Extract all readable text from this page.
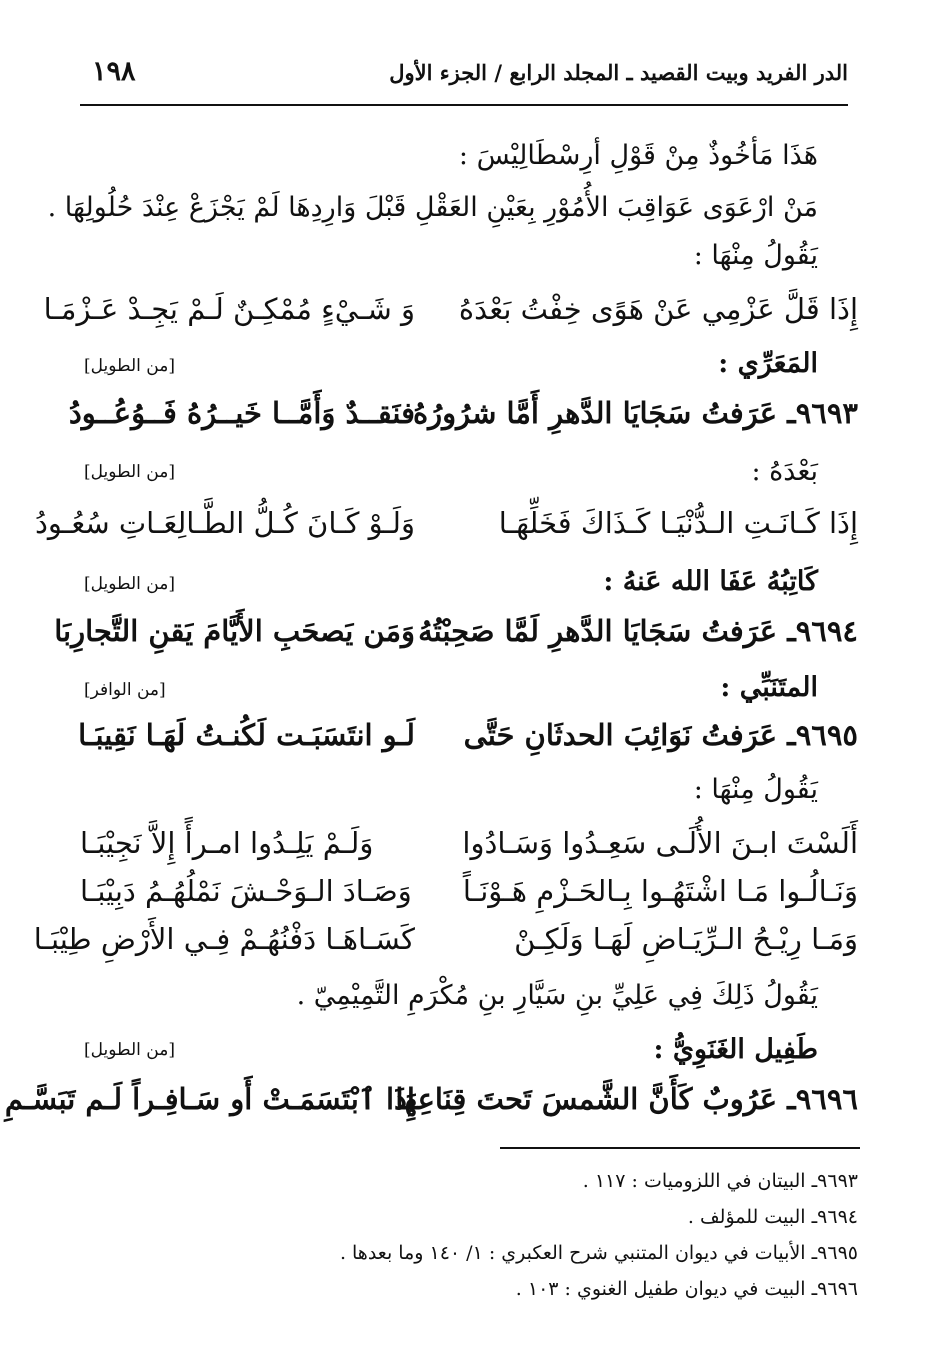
الدر الفريد وبيت القصيد ـ المجلد الرابع / الجزء الأول
١٩٨
هَذَا مَأخُوذٌ مِنْ قَوْلِ أرِسْطَالِيْسَ :
مَنْ ارْعَوَى عَوَاقِبَ الأُمُوْرِ بِعَيْنِ العَقْلِ قَبْلَ وَارِدِهَا لَمْ يَجْزَعْ عِنْدَ حُلُولِهَا .
يَقُولُ مِنْهَا :
إِذَا قَلَّ عَزْمِي عَنْ هَوًى خِفْتُ بَعْدَهُ
وَ شَـيْءٍ مُمْكِـنٌ لَـمْ يَجِـدْ عَـزْمَـا
المَعَرِّي :
[من الطويل]
٩٦٩٣ـ عَرَفتُ سَجَايَا الدَّهرِ أَمَّا شرُورُهُ
فنَقــدٌ وَأَمَّــا خَيــرُهُ فَــوُعُــودُ
بَعْدَهُ :
[من الطويل]
إِذَا كَـانَـتِ الـدُّنْيَـا كَـذَاكَ فَخَلِّهَـا
وَلَـوْ كَـانَ كُـلُّ الطَّـالِعَـاتِ سُعُـودُ
كَاتِبُهُ عَفَا الله عَنهُ :
[من الطويل]
٩٦٩٤ـ عَرَفتُ سَجَايَا الدَّهرِ لَمَّا صَحِبْتُهُ
وَمَن يَصحَبِ الأَيَّامَ يَقنِ التَّجارِبَا
المتَنَبِّي :
[من الوافر]
٩٦٩٥ـ عَرَفتُ نَوَائِبَ الحدثَانِ حَتَّى
لَـو انتَسَبَـت لَكُنـتُ لَهَـا نَقِيبَـا
يَقُولُ مِنْهَا :
أَلَسْتَ ابـنَ الأُلَـى سَعِـدُوا وَسَـادُوا
وَلَـمْ يَلِـدُوا امـرأً إِلاَّ نَجِيْبَـا
وَنَـالُـوا مَـا اشْتَهُـوا بِـالحَـزْمِ هَـوْنَـاً
وَصَـادَ الـوَحْـشَ نَمْلُهُـمُ دَبِيْبَـا
وَمَـا رِيْـحُ الـرِّيَـاضِ لَهَـا وَلَكِـنْ
كَسَـاهَـا دَفْنُهُـمْ فِـي الأَرْضِ طِيْبَـا
يَقُولُ ذَلِكَ فِي عَلِيِّ بنِ سَيَّارِ بنِ مُكْرَمِ التَّمِيْمِيّ .
طَفِيل الغَنَوِيُّ :
[من الطويل]
٩٦٩٦ـ عَرُوبٌ كَأَنَّ الشَّمسَ تَحتَ قِنَاعِهَا
إِذَا ٱبْتَسَمَـتْ أَو سَـافِـراً لَـم تَبَسَّـمِ
٩٦٩٣ـ البيتان في اللزوميات : ١١٧ .
٩٦٩٤ـ البيت للمؤلف .
٩٦٩٥ـ الأبيات في ديوان المتنبي شرح العكبري : ١/ ١٤٠ وما بعدها .
٩٦٩٦ـ البيت في ديوان طفيل الغنوي : ١٠٣ .
